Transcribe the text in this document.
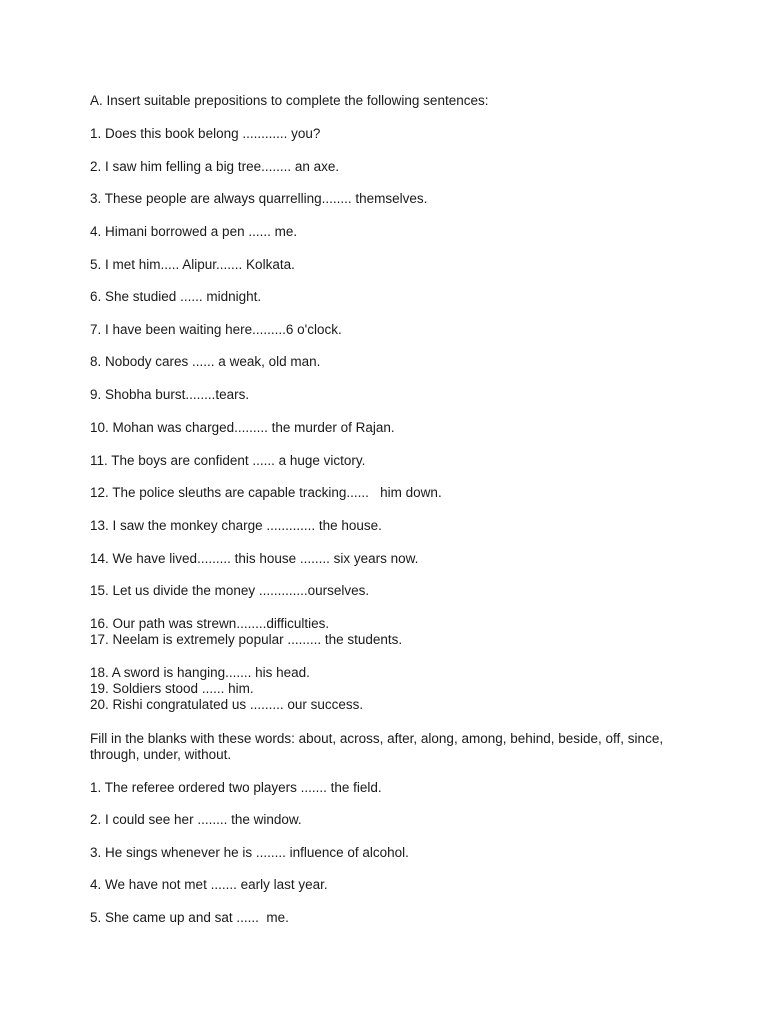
A. Insert suitable prepositions to complete the following sentences:
1. Does this book belong ............ you?
2. I saw him felling a big tree........ an axe.
3. These people are always quarrelling........ themselves.
4. Himani borrowed a pen ...... me.
5. I met him..... Alipur....... Kolkata.
6. She studied ...... midnight.
7. I have been waiting here.........6 o'clock.
8. Nobody cares ...... a weak, old man.
9. Shobha burst........tears.
10. Mohan was charged......... the murder of Rajan.
11. The boys are confident ...... a huge victory.
12. The police sleuths are capable tracking......   him down.
13. I saw the monkey charge ............. the house.
14. We have lived......... this house ........ six years now.
15. Let us divide the money .............ourselves.
16. Our path was strewn........difficulties.
17. Neelam is extremely popular ......... the students.
18. A sword is hanging....... his head.
19. Soldiers stood ...... him.
20. Rishi congratulated us ......... our success.
Fill in the blanks with these words: about, across, after, along, among, behind, beside, off, since,
through, under, without.
1. The referee ordered two players ....... the field.
2. I could see her ........ the window.
3. He sings whenever he is ........ influence of alcohol.
4. We have not met ....... early last year.
5. She came up and sat ......  me.
